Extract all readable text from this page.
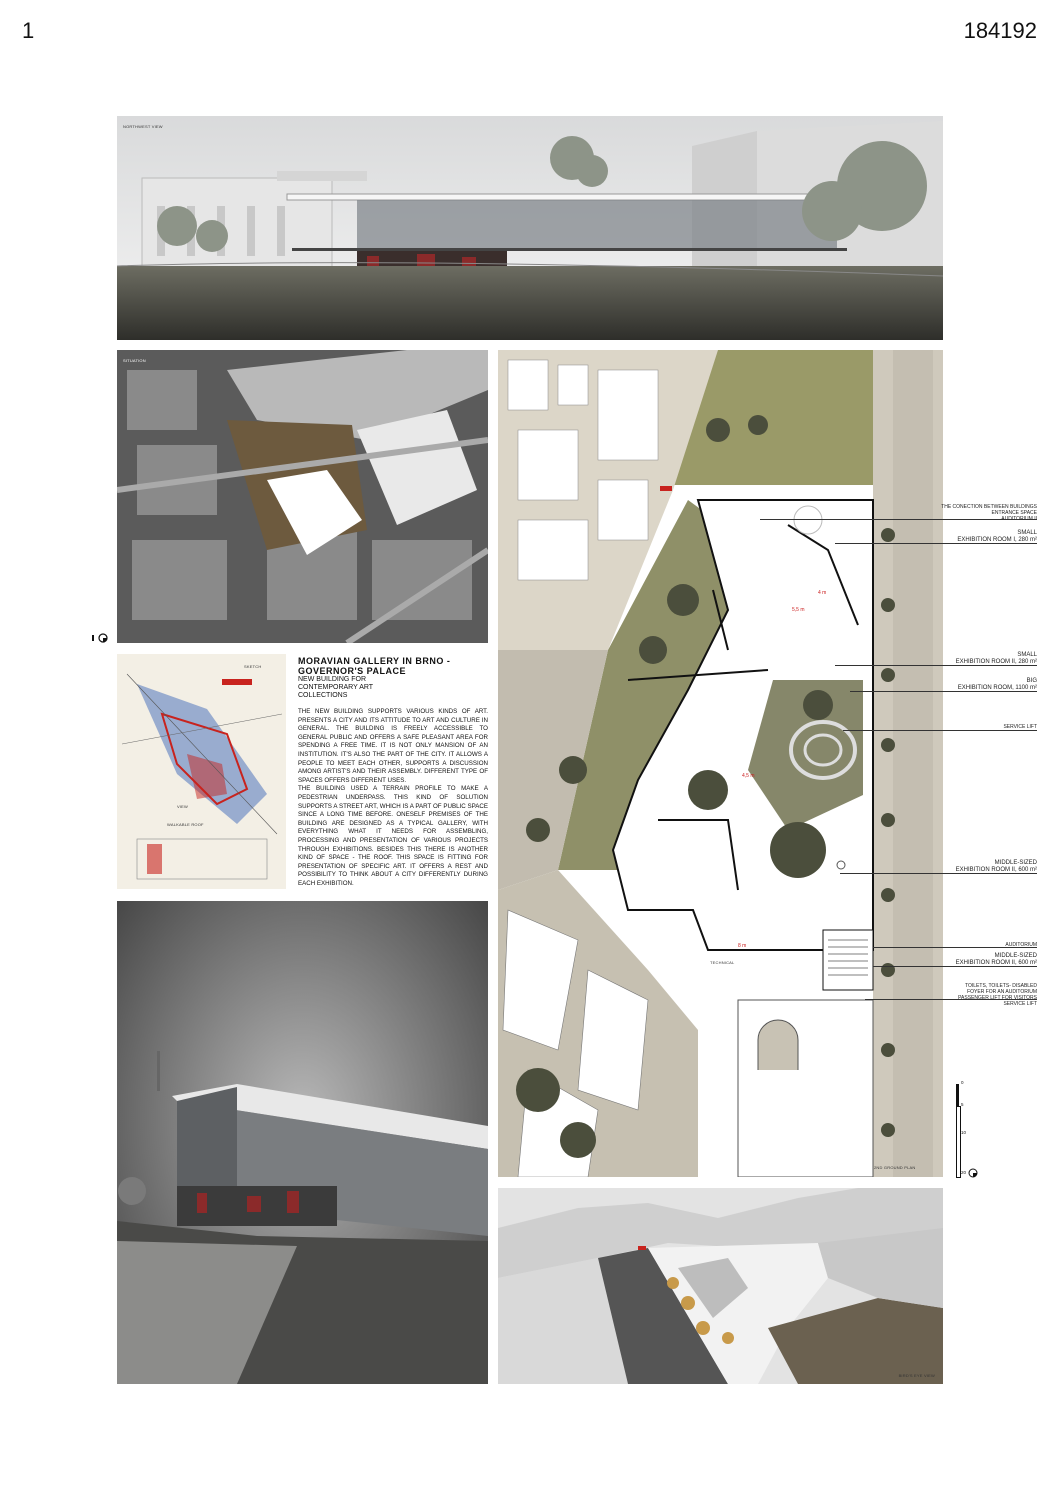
1	184192
NORTHWEST VIEW
SITUATION
SKETCH
VIEW
WALKABLE ROOF
MORAVIAN GALLERY IN BRNO -
GOVERNOR'S PALACE
NEW BUILDING FOR
CONTEMPORARY ART
COLLECTIONS
THE NEW BUILDING SUPPORTS VARIOUS KINDS OF ART. PRESENTS A CITY AND ITS ATTITUDE TO ART AND CULTURE IN GENERAL. THE BUILDING IS FREELY ACCESSIBLE TO GENERAL PUBLIC AND OFFERS A SAFE PLEASANT AREA FOR SPENDING A FREE TIME. IT IS NOT ONLY MANSION OF AN INSTITUTION. IT'S ALSO THE PART OF THE CITY. IT ALLOWS A PEOPLE TO MEET EACH OTHER, SUPPORTS A DISCUSSION AMONG ARTIST'S AND THEIR ASSEMBLY. DIFFERENT TYPE OF SPACES OFFERS DIFFERENT USES.
THE BUILDING USED A TERRAIN PROFILE TO MAKE A PEDESTRIAN UNDERPASS. THIS KIND OF SOLUTION SUPPORTS A STREET ART, WHICH IS A PART OF PUBLIC SPACE SINCE A LONG TIME BEFORE. ONESELF PREMISES OF THE BUILDING ARE DESIGNED AS A TYPICAL GALLERY, WITH EVERYTHING WHAT IT NEEDS FOR ASSEMBLING, PROCESSING AND PRESENTATION OF VARIOUS PROJECTS THROUGH EXHIBITIONS. BESIDES THIS THERE IS ANOTHER KIND OF SPACE - THE ROOF. THIS SPACE IS FITTING FOR PRESENTATION OF SPECIFIC ART. IT OFFERS A REST AND POSSIBILITY TO THINK ABOUT A CITY DIFFERENTLY DURING EACH EXHIBITION.
5,5 m
4 m
4,5 m
8 m
TECHNICAL
2ND GROUND PLAN
THE CONECTION BETWEEN BUILDINGS
ENTRANCE SPACE
AUDITORIUM II
SMALL
EXHIBITION ROOM I, 280 m²
SMALL
EXHIBITION ROOM II, 280 m²
BIG
EXHIBITION ROOM, 1100 m²
SERVICE LIFT
MIDDLE-SIZED
EXHIBITION ROOM II, 600 m²
AUDITORIUM
MIDDLE-SIZED
EXHIBITION ROOM II, 600 m²
TOILETS, TOILETS- DISABLED
FOYER FOR AN AUDITORIUM
PASSENGER LIFT FOR VISITORS
SERVICE LIFT
0
5
10
20
BIRD'S EYE VIEW
